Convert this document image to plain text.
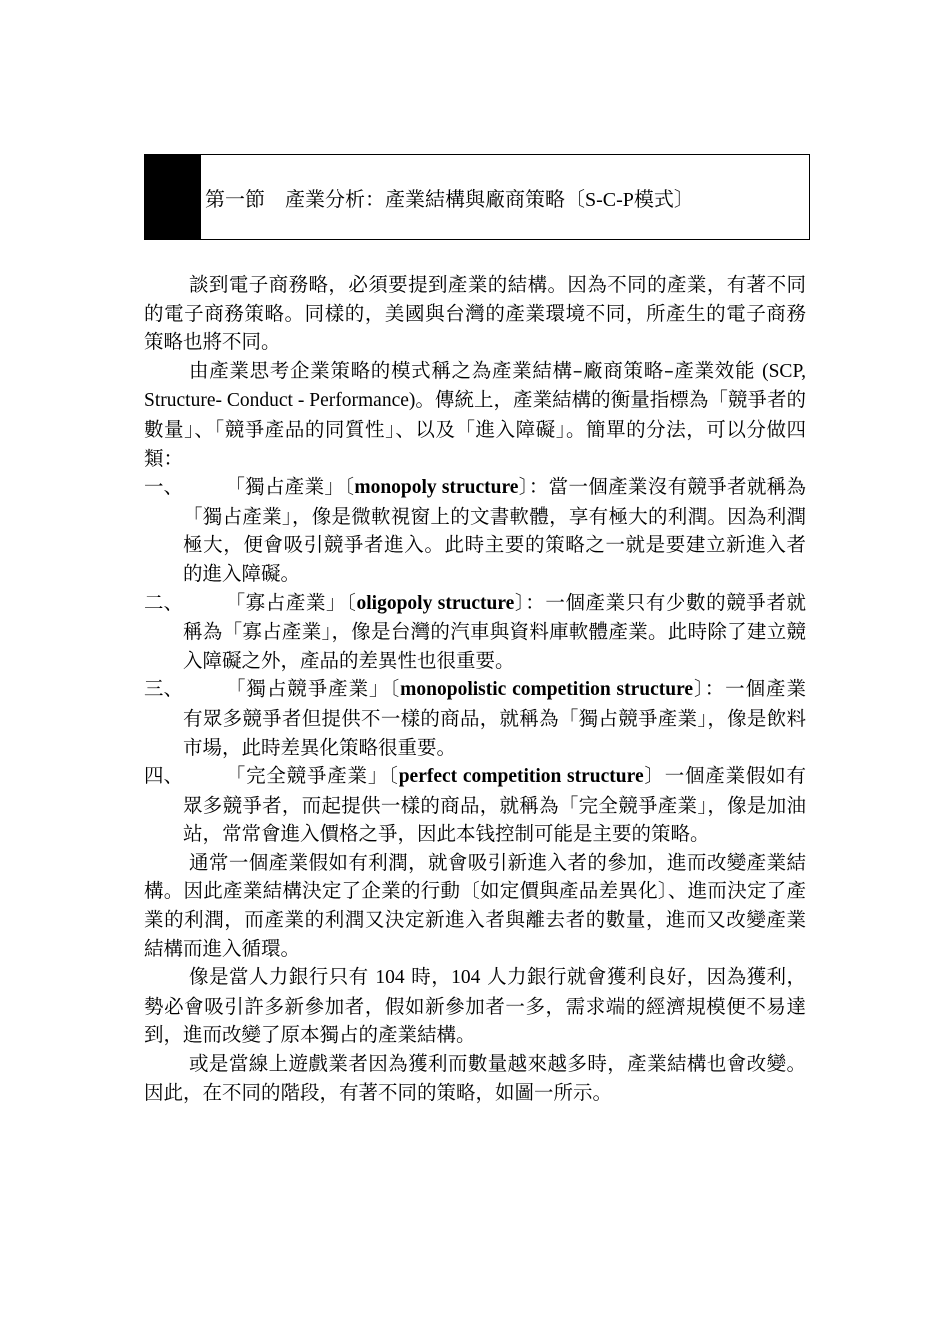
第一節　產業分析：產業結構與廠商策略〔S-C-P模式〕

談到電子商務略，必須要提到產業的結構。因為不同的產業，有著不同的電子商務策略。同樣的，美國與台灣的產業環境不同，所產生的電子商務策略也將不同。

由產業思考企業策略的模式稱之為產業結構–廠商策略–產業效能 (SCP, Structure- Conduct - Performance)。傳統上，產業結構的衡量指標為「競爭者的數量」、「競爭產品的同質性」、以及「進入障礙」。簡單的分法，可以分做四類：

一、 「獨占產業」〔monopoly structure〕：當一個產業沒有競爭者就稱為「獨占產業」，像是微軟視窗上的文書軟體，享有極大的利潤。因為利潤極大，便會吸引競爭者進入。此時主要的策略之一就是要建立新進入者的進入障礙。
二、 「寡占產業」〔oligopoly structure〕：一個產業只有少數的競爭者就稱為「寡占產業」，像是台灣的汽車與資料庫軟體產業。此時除了建立競入障礙之外，產品的差異性也很重要。
三、 「獨占競爭產業」〔monopolistic competition structure〕：一個產業有眾多競爭者但提供不一樣的商品，就稱為「獨占競爭產業」，像是飲料市場，此時差異化策略很重要。
四、 「完全競爭產業」〔perfect competition structure〕一個產業假如有眾多競爭者，而起提供一樣的商品，就稱為「完全競爭產業」，像是加油站，常常會進入價格之爭，因此本钱控制可能是主要的策略。

通常一個產業假如有利潤，就會吸引新進入者的參加，進而改變產業結構。因此產業結構決定了企業的行動〔如定價與產品差異化〕、進而決定了產業的利潤，而產業的利潤又決定新進入者與離去者的數量，進而又改變產業結構而進入循環。

像是當人力銀行只有 104 時，104 人力銀行就會獲利良好，因為獲利，勢必會吸引許多新參加者，假如新參加者一多，需求端的經濟規模便不易達到，進而改變了原本獨占的產業結構。

或是當線上遊戲業者因為獲利而數量越來越多時，產業結構也會改變。因此，在不同的階段，有著不同的策略，如圖一所示。
